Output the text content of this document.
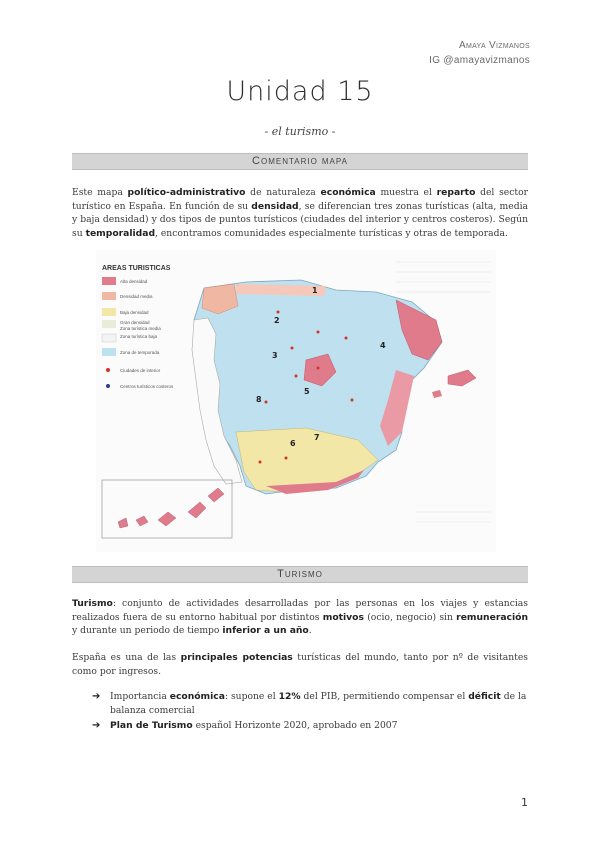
Amaya Vizmanos
IG @amayavizmanos
Unidad 15
- el turismo -
Comentario mapa
Este mapa político-administrativo de naturaleza económica muestra el reparto del sector turístico en España. En función de su densidad, se diferencian tres zonas turísticas (alta, media y baja densidad) y dos tipos de puntos turísticos (ciudades del interior y centros costeros). Según su temporalidad, encontramos comunidades especialmente turísticas y otras de temporada.
AREAS TURISTICAS
Alta densidad
Densidad media
Baja densidad
Gran densidad
Zona turística media
Zona turística baja
Zona de temporada
Ciudades de interior
Centros turísticos costeros
1
2
3
4
5
6
7
8
Turismo
Turismo: conjunto de actividades desarrolladas por las personas en los viajes y estancias realizados fuera de su entorno habitual por distintos motivos (ocio, negocio) sin remuneración y durante un periodo de tiempo inferior a un año.
España es una de las principales potencias turísticas del mundo, tanto por nº de visitantes como por ingresos.
➔ Importancia económica: supone el 12% del PIB, permitiendo compensar el déficit de la balanza comercial
➔ Plan de Turismo español Horizonte 2020, aprobado en 2007
1
